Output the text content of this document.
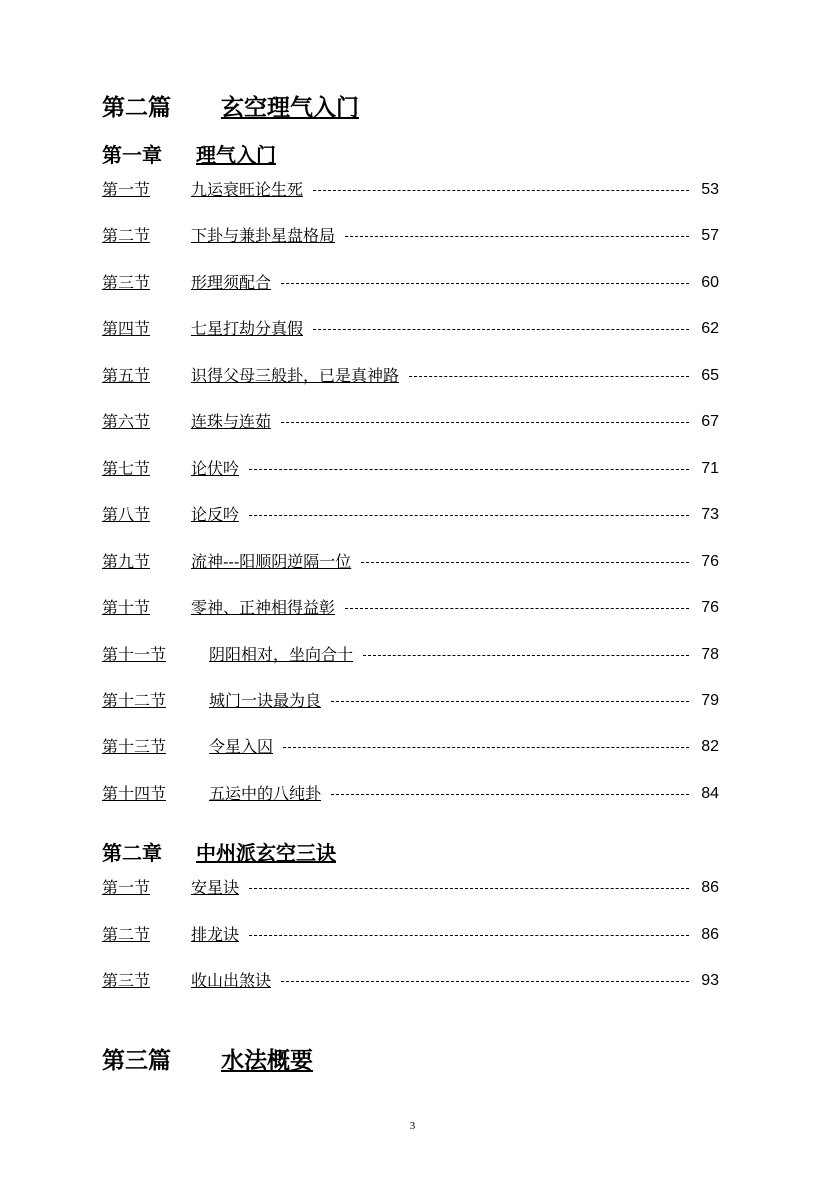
第二篇 玄空理气入门
第一章 理气入门
第一节	九运衰旺论生死	53
第二节	下卦与兼卦星盘格局	57
第三节	形理须配合	60
第四节	七星打劫分真假	62
第五节	识得父母三般卦，已是真神路	65
第六节	连珠与连茹	67
第七节	论伏吟	71
第八节	论反吟	73
第九节	流神---阳顺阴逆隔一位	76
第十节	零神、正神相得益彰	76
第十一节	阴阳相对，坐向合十	78
第十二节	城门一诀最为良	79
第十三节	令星入囚	82
第十四节	五运中的八纯卦	84
第二章 中州派玄空三诀
第一节	安星诀	86
第二节	排龙诀	86
第三节	收山出煞诀	93
第三篇 水法概要
3
